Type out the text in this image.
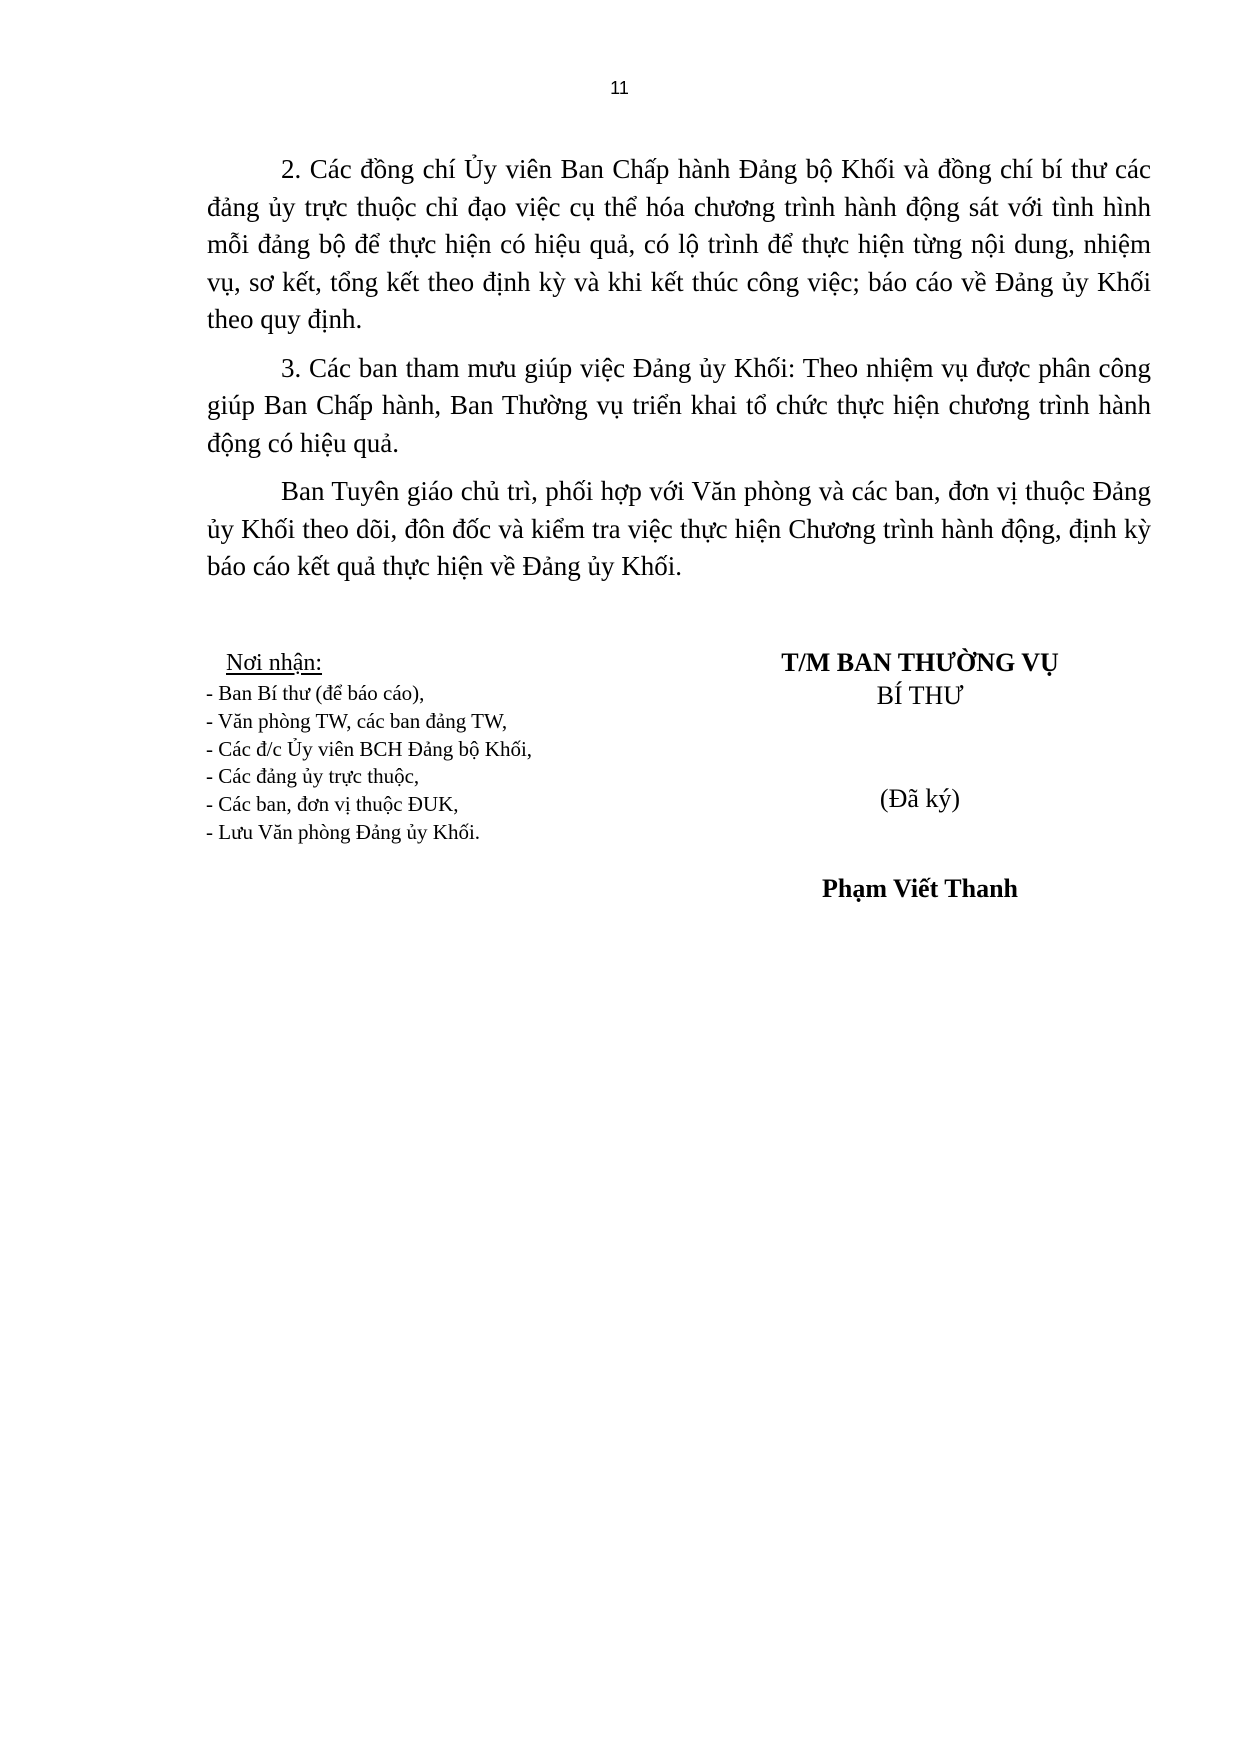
11

2. Các đồng chí Ủy viên Ban Chấp hành Đảng bộ Khối và đồng chí bí thư các đảng ủy trực thuộc chỉ đạo việc cụ thể hóa chương trình hành động sát với tình hình mỗi đảng bộ để thực hiện có hiệu quả, có lộ trình để thực hiện từng nội dung, nhiệm vụ, sơ kết, tổng kết theo định kỳ và khi kết thúc công việc; báo cáo về Đảng ủy Khối theo quy định.

3. Các ban tham mưu giúp việc Đảng ủy Khối: Theo nhiệm vụ được phân công giúp Ban Chấp hành, Ban Thường vụ triển khai tổ chức thực hiện chương trình hành động có hiệu quả.

Ban Tuyên giáo chủ trì, phối hợp với Văn phòng và các ban, đơn vị thuộc Đảng ủy Khối theo dõi, đôn đốc và kiểm tra việc thực hiện Chương trình hành động, định kỳ báo cáo kết quả thực hiện về Đảng ủy Khối.

Nơi nhận:
- Ban Bí thư (để báo cáo),
- Văn phòng TW, các ban đảng TW,
- Các đ/c Ủy viên BCH Đảng bộ Khối,
- Các đảng ủy trực thuộc,
- Các ban, đơn vị thuộc ĐUK,
- Lưu Văn phòng Đảng ủy Khối.
T/M BAN THƯỜNG VỤ
BÍ THƯ
(Đã ký)
Phạm Viết Thanh
